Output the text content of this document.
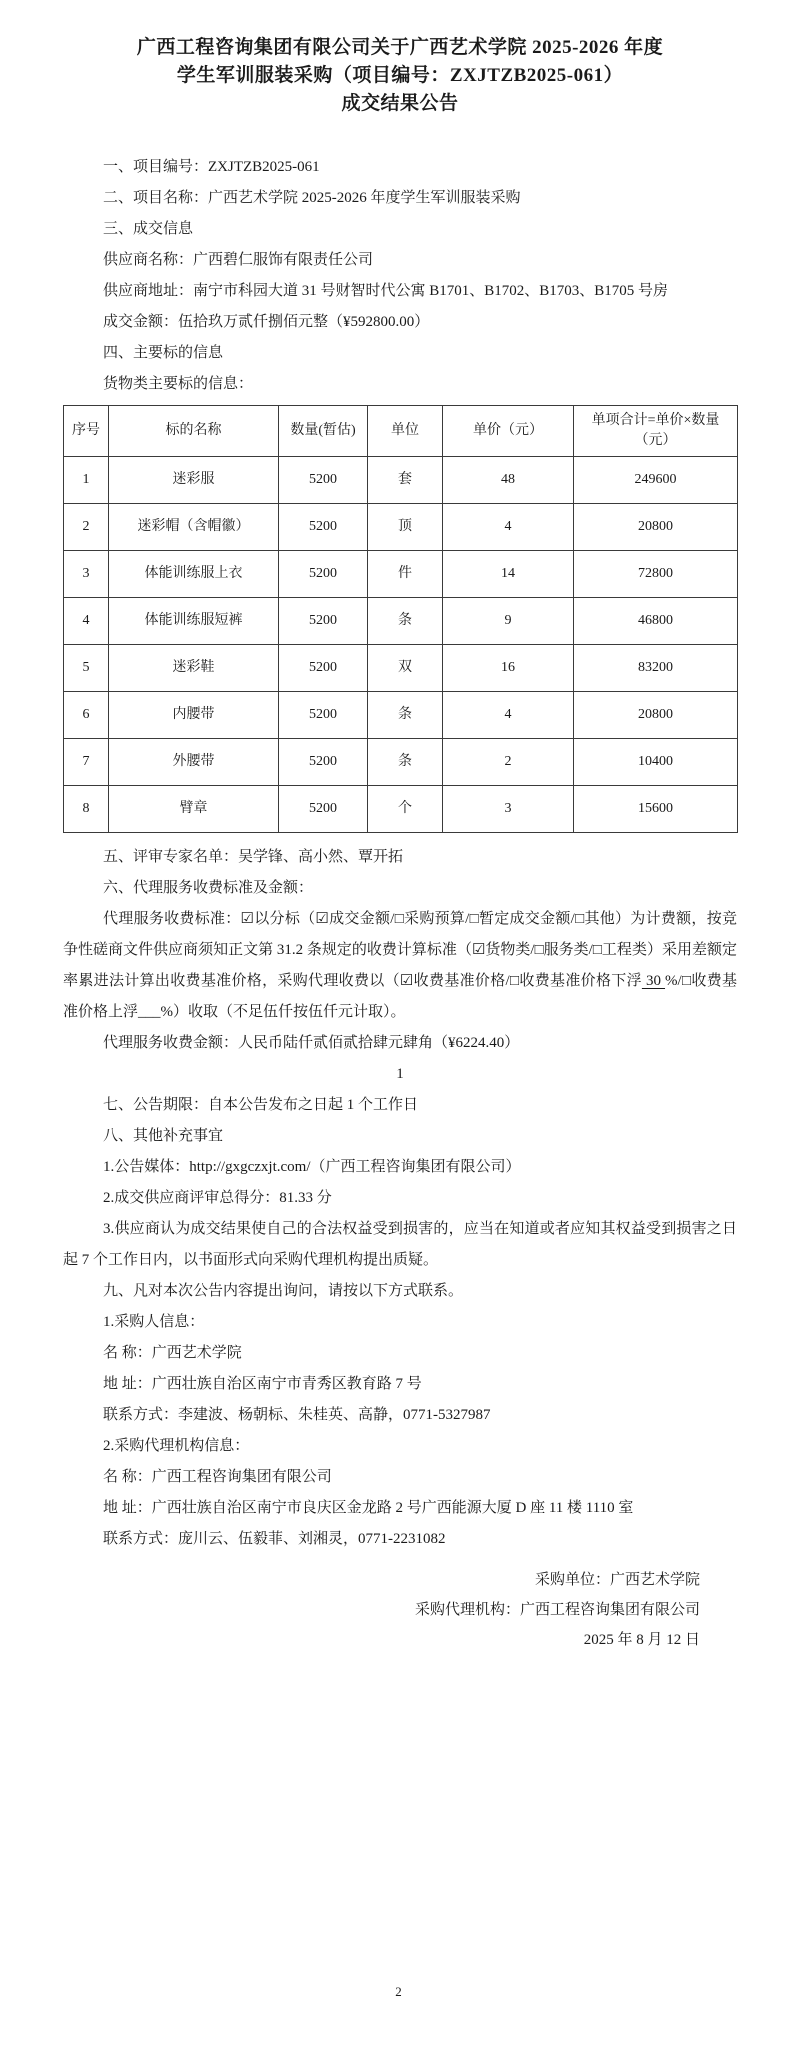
广西工程咨询集团有限公司关于广西艺术学院 2025-2026 年度
学生军训服装采购（项目编号：ZXJTZB2025-061）
成交结果公告

一、项目编号：ZXJTZB2025-061

二、项目名称：广西艺术学院 2025-2026 年度学生军训服装采购

三、成交信息

供应商名称：广西碧仁服饰有限责任公司

供应商地址：南宁市科园大道 31 号财智时代公寓 B1701、B1702、B1703、B1705 号房

成交金额：伍拾玖万贰仟捌佰元整（¥592800.00）

四、主要标的信息

货物类主要标的信息：

序号	标的名称	数量(暂估)	单位	单价（元）	单项合计=单价×数量（元）
1	迷彩服	5200	套	48	249600
2	迷彩帽（含帽徽）	5200	顶	4	20800
3	体能训练服上衣	5200	件	14	72800
4	体能训练服短裤	5200	条	9	46800
5	迷彩鞋	5200	双	16	83200
6	内腰带	5200	条	4	20800
7	外腰带	5200	条	2	10400
8	臂章	5200	个	3	15600

五、评审专家名单：吴学锋、高小然、覃开拓

六、代理服务收费标准及金额：

代理服务收费标准：☑以分标（☑成交金额/□采购预算/□暂定成交金额/□其他）为计费额，按竞争性磋商文件供应商须知正文第 31.2 条规定的收费计算标准（☑货物类/□服务类/□工程类）采用差额定率累进法计算出收费基准价格，采购代理收费以（☑收费基准价格/□收费基准价格下浮 30 %/□收费基准价格上浮___%）收取（不足伍仟按伍仟元计取）。

代理服务收费金额：人民币陆仟贰佰贰拾肆元肆角（¥6224.40）

1

七、公告期限：自本公告发布之日起 1 个工作日

八、其他补充事宜

1.公告媒体：http://gxgczxjt.com/（广西工程咨询集团有限公司）

2.成交供应商评审总得分：81.33 分

3.供应商认为成交结果使自己的合法权益受到损害的，应当在知道或者应知其权益受到损害之日起 7 个工作日内，以书面形式向采购代理机构提出质疑。

九、凡对本次公告内容提出询问，请按以下方式联系。

1.采购人信息：

名 称：广西艺术学院

地 址：广西壮族自治区南宁市青秀区教育路 7 号

联系方式：李建波、杨朝标、朱桂英、高静，0771-5327987

2.采购代理机构信息：

名 称：广西工程咨询集团有限公司

地 址：广西壮族自治区南宁市良庆区金龙路 2 号广西能源大厦 D 座 11 楼 1110 室

联系方式：庞川云、伍毅菲、刘湘灵，0771-2231082

采购单位：广西艺术学院
采购代理机构：广西工程咨询集团有限公司
2025 年 8 月 12 日
2
